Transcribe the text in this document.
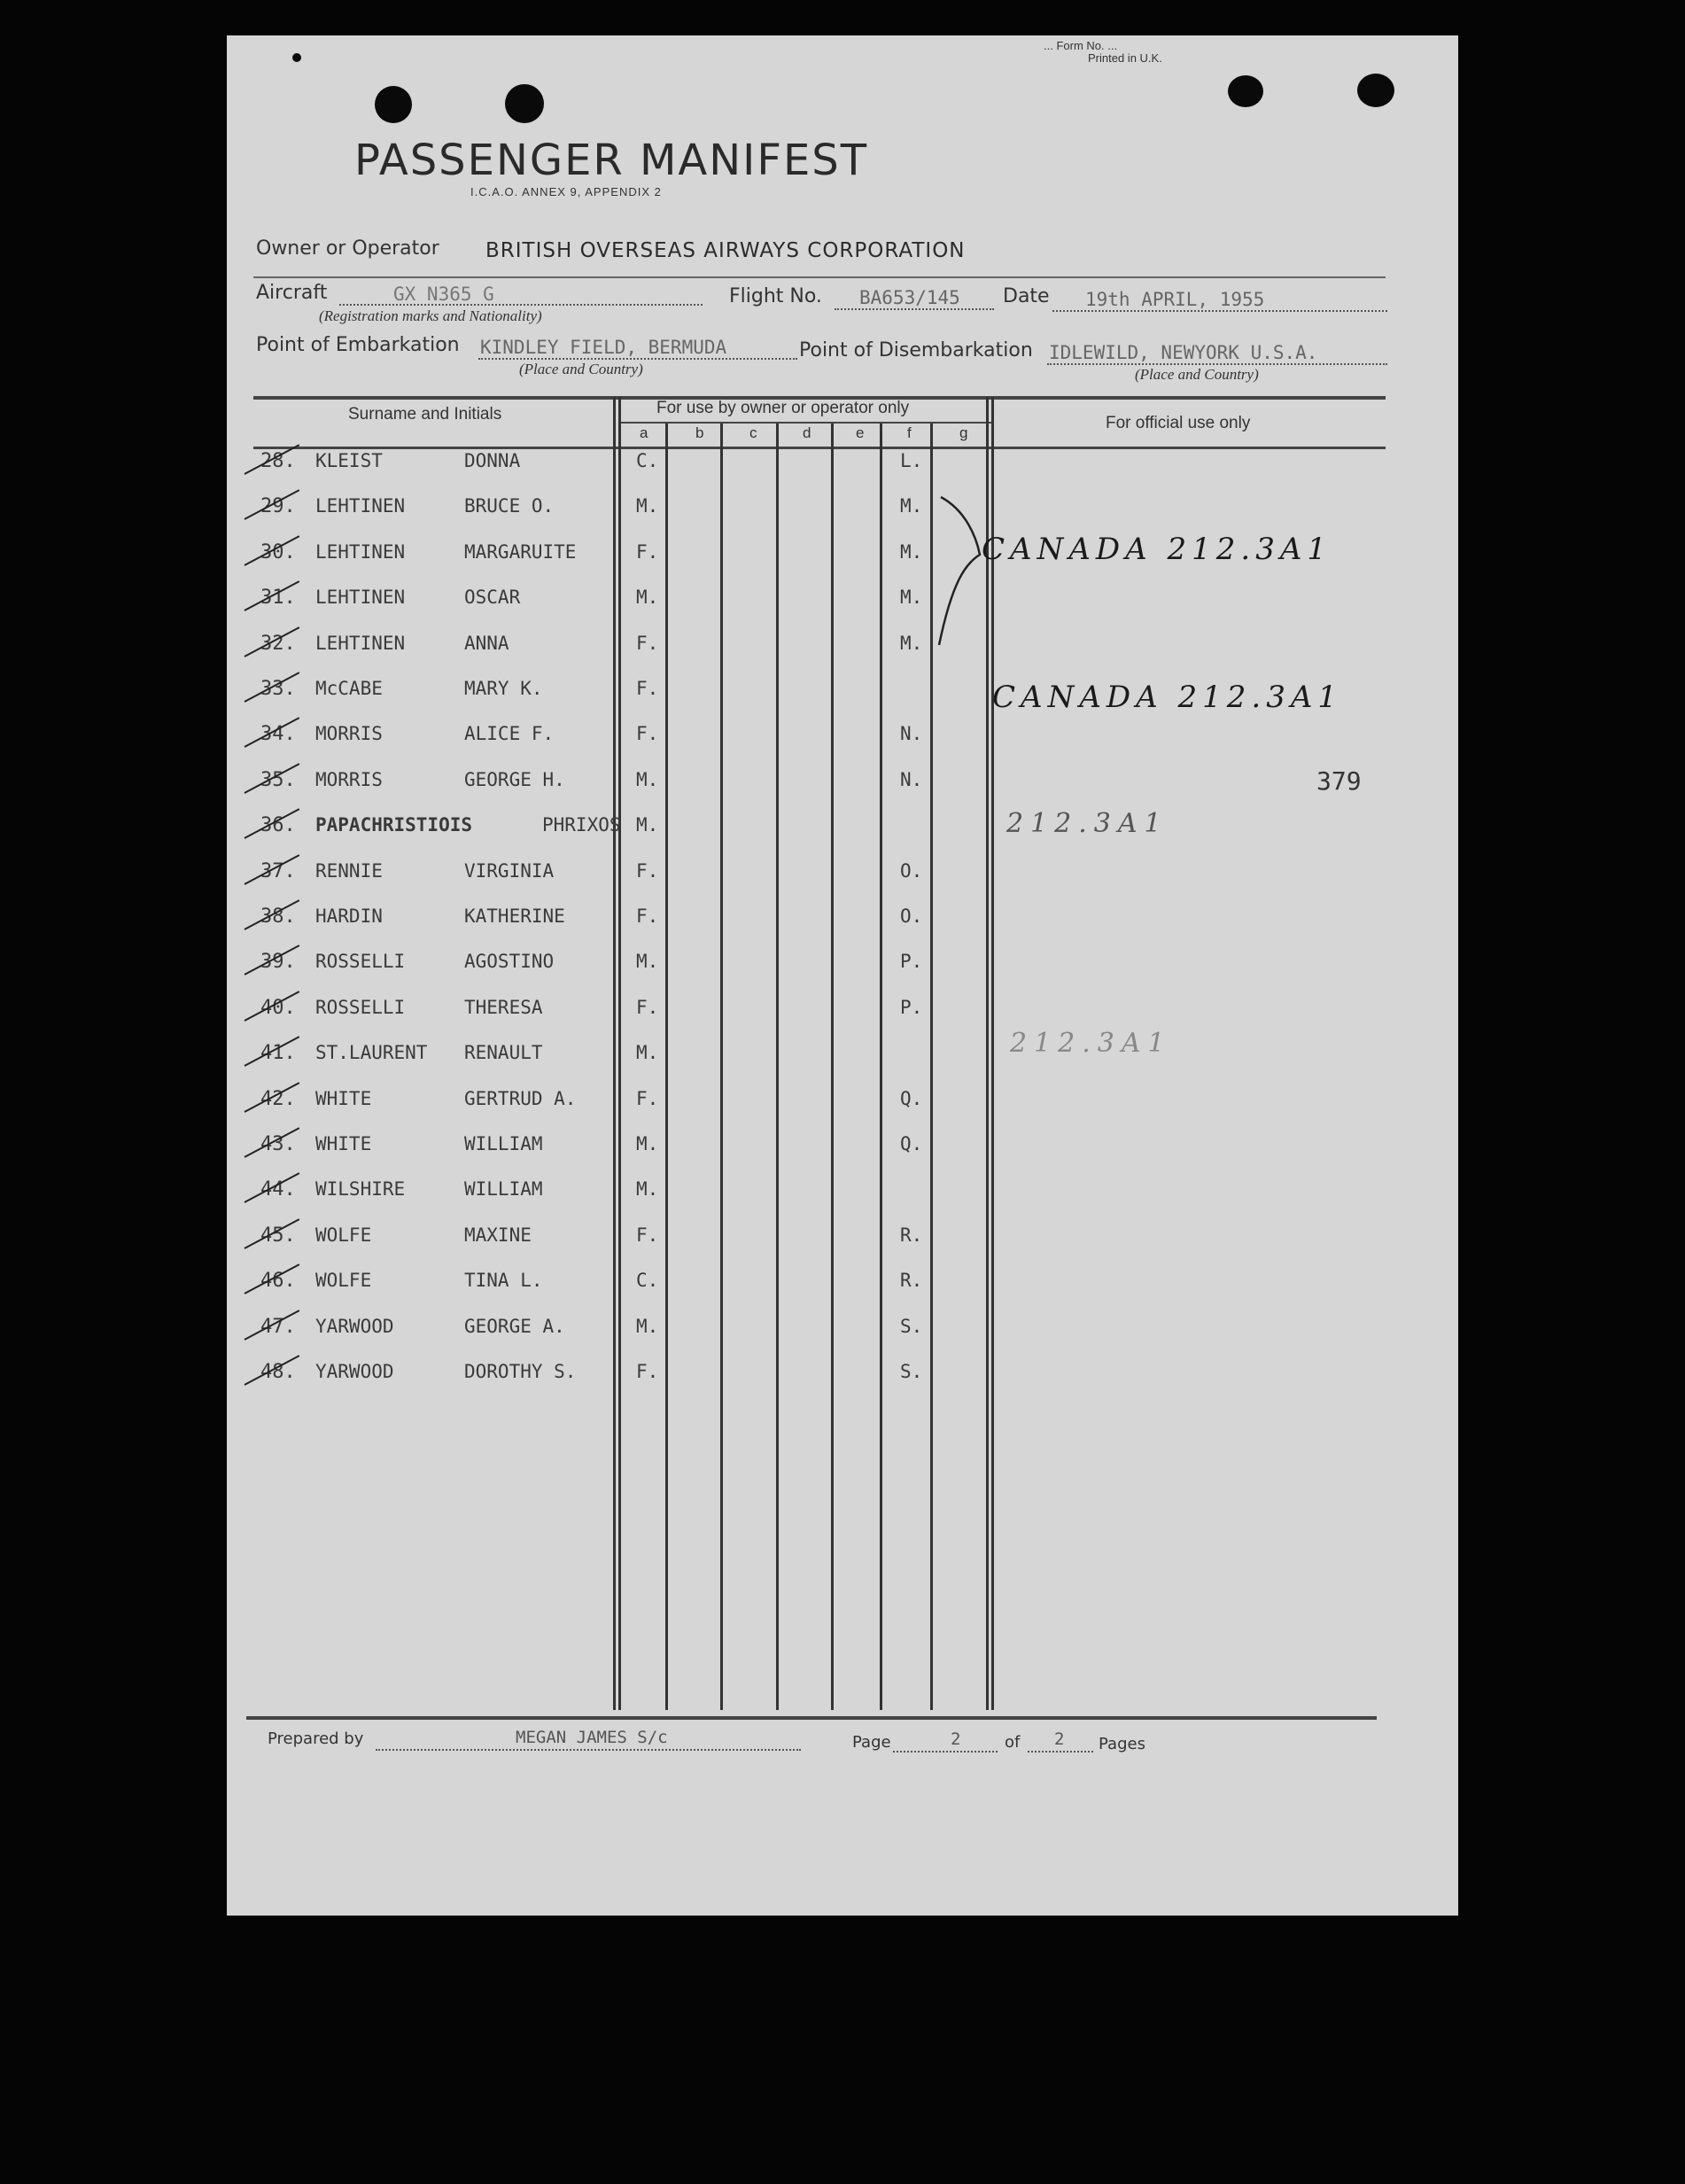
... Form No. ...
Printed in U.K.
PASSENGER MANIFEST
I.C.A.O. ANNEX 9, APPENDIX 2
Owner or Operator BRITISH OVERSEAS AIRWAYS CORPORATION
Aircraft	GX N365 G
(Registration marks and Nationality)
Flight No. BA653/145 Date 19th APRIL, 1955
Point of Embarkation KINDLEY FIELD, BERMUDA
(Place and Country)
Point of Disembarkation IDLEWILD, NEWYORK U.S.A.
(Place and Country)
Surname and Initials	For use by owner or operator only
For official use only
a	b	c	d	e	f	g
28. KLEIST	DONNA	C.	L.
29. LEHTINEN	BRUCE O.	M.	M.
30. LEHTINEN	MARGARUITE	F.	M.
31. LEHTINEN	OSCAR	M.	M.
32. LEHTINEN	ANNA	F.	M.
33. McCABE	MARY K.	F.
34. MORRIS	ALICE F.	F.	N.
35. MORRIS	GEORGE H.	M.	N.
36. PAPACHRISTIOIS	PHRIXOS M.
37. RENNIE	VIRGINIA	F.	O.
38. HARDIN	KATHERINE	F.	O.
39. ROSSELLI	AGOSTINO	M.	P.
40. ROSSELLI	THERESA	F.	P.
41. ST.LAURENT RENAULT	M.
42. WHITE	GERTRUD A.	F.	Q.
43. WHITE	WILLIAM	M.	Q.
44. WILSHIRE	WILLIAM	M.
45. WOLFE	MAXINE	F.	R.
46. WOLFE	TINA L.	C.	R.
47. YARWOOD	GEORGE A.	M.	S.
48. YARWOOD	DOROTHY S.	F.	S.
CANADA 212.3A1
CANADA 212.3A1
379
212.3A1
212.3A1
Prepared by	MEGAN JAMES S/c	Page	2	of 2 Pages
